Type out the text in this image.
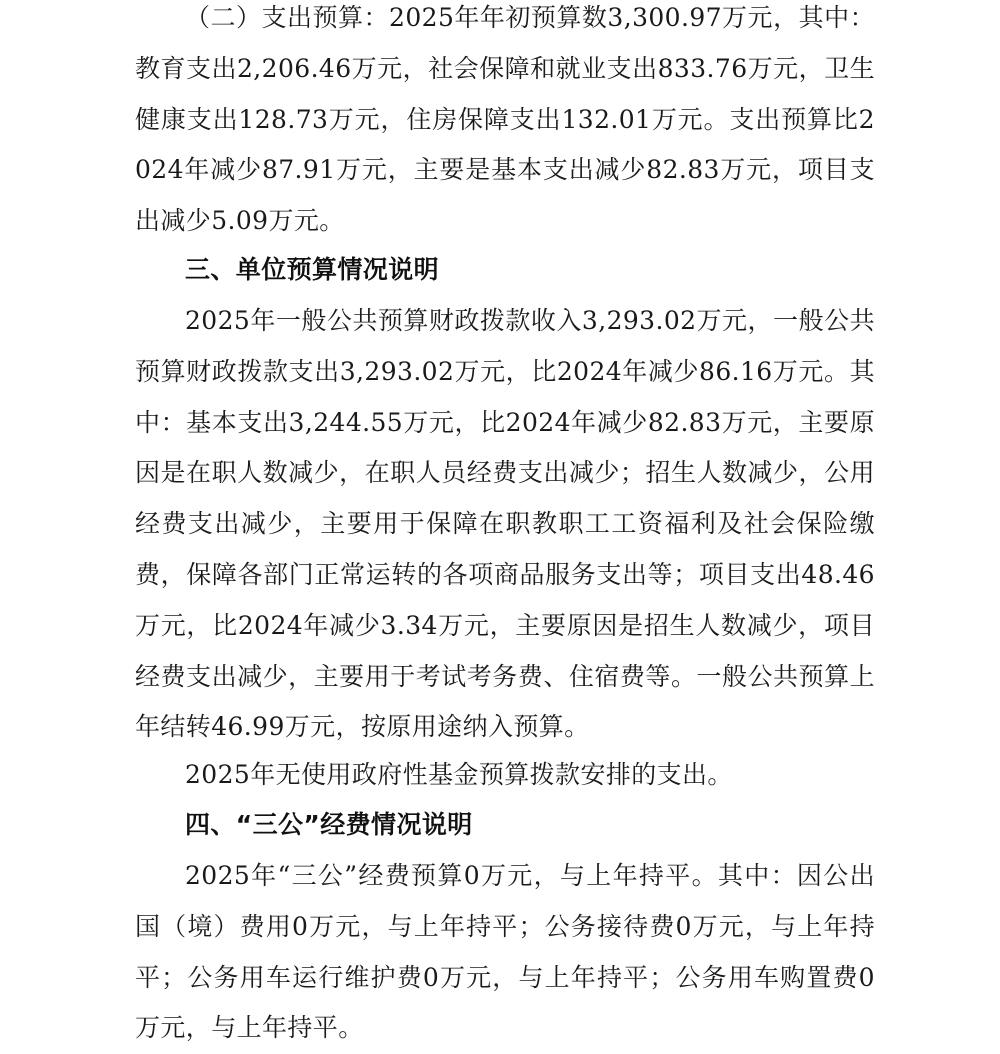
（二）支出预算：2025年年初预算数3,300.97万元，其中：教育支出2,206.46万元，社会保障和就业支出833.76万元，卫生健康支出128.73万元，住房保障支出132.01万元。支出预算比2024年减少87.91万元，主要是基本支出减少82.83万元，项目支出减少5.09万元。

三、单位预算情况说明

2025年一般公共预算财政拨款收入3,293.02万元，一般公共预算财政拨款支出3,293.02万元，比2024年减少86.16万元。其中：基本支出3,244.55万元，比2024年减少82.83万元，主要原因是在职人数减少，在职人员经费支出减少；招生人数减少，公用经费支出减少，主要用于保障在职教职工工资福利及社会保险缴费，保障各部门正常运转的各项商品服务支出等；项目支出48.46万元，比2024年减少3.34万元，主要原因是招生人数减少，项目经费支出减少，主要用于考试考务费、住宿费等。一般公共预算上年结转46.99万元，按原用途纳入预算。

2025年无使用政府性基金预算拨款安排的支出。

四、“三公”经费情况说明

2025年“三公”经费预算0万元，与上年持平。其中：因公出国（境）费用0万元，与上年持平；公务接待费0万元，与上年持平；公务用车运行维护费0万元，与上年持平；公务用车购置费0万元，与上年持平。
